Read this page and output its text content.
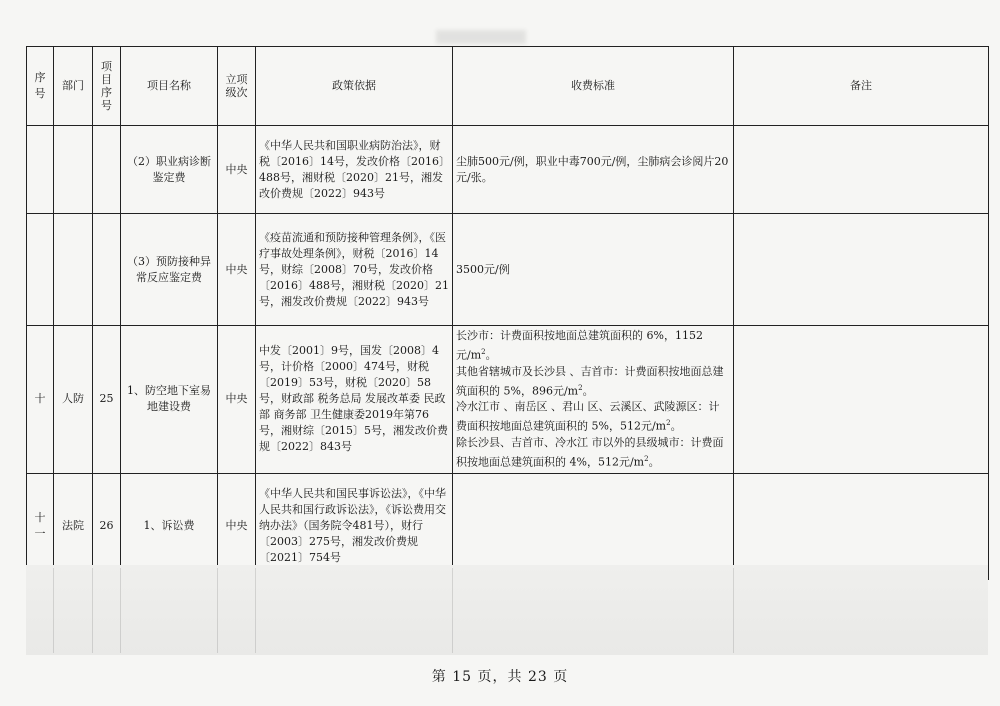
序号	部门	项目序号	项目名称	立项级次	政策依据	收费标准	备注
			（2）职业病诊断鉴定费	中央	《中华人民共和国职业病防治法》，财税〔2016〕14号，发改价格〔2016〕488号，湘财税〔2020〕21号，湘发改价费规〔2022〕943号	尘肺500元/例，职业中毒700元/例，尘肺病会诊阅片20元/张。	

			（3）预防接种异常反应鉴定费	中央	《疫苗流通和预防接种管理条例》，《医疗事故处理条例》，财税〔2016〕14号，财综〔2008〕70号，发改价格〔2016〕488号，湘财税〔2020〕21号，湘发改价费规〔2022〕943号	3500元/例	

十	人防	25	1、防空地下室易地建设费	中央	中发〔2001〕9号，国发〔2008〕4号，计价格〔2000〕474号，财税〔2019〕53号，财税〔2020〕58号，财政部 税务总局 发展改革委 民政部 商务部 卫生健康委2019年第76号，湘财综〔2015〕5号，湘发改价费规〔2022〕843号	长沙市：计费面积按地面总建筑面积的 6%，1152元$/m^2$。
其他省辖城市及长沙县 、吉首市：计费面积按地面总建筑面积的 5%，896元$/m^2$。
冷水江市 、南岳区 、君山 区、云溪区、武陵源区：计费面积按地面总建筑面积的 5%，512元$/m^2$。
除长沙县、吉首市、冷水江 市以外的县级城市：计费面积按地面总建筑面积的 4%，512元$/m^2$。	

十一	法院	26	1、诉讼费	中央	《中华人民共和国民事诉讼法》，《中华人民共和国行政诉讼法》，《诉讼费用交纳办法》（国务院令481号），财行〔2003〕275号，湘发改价费规〔2021〕754号	

第 15 页，共 23 页
